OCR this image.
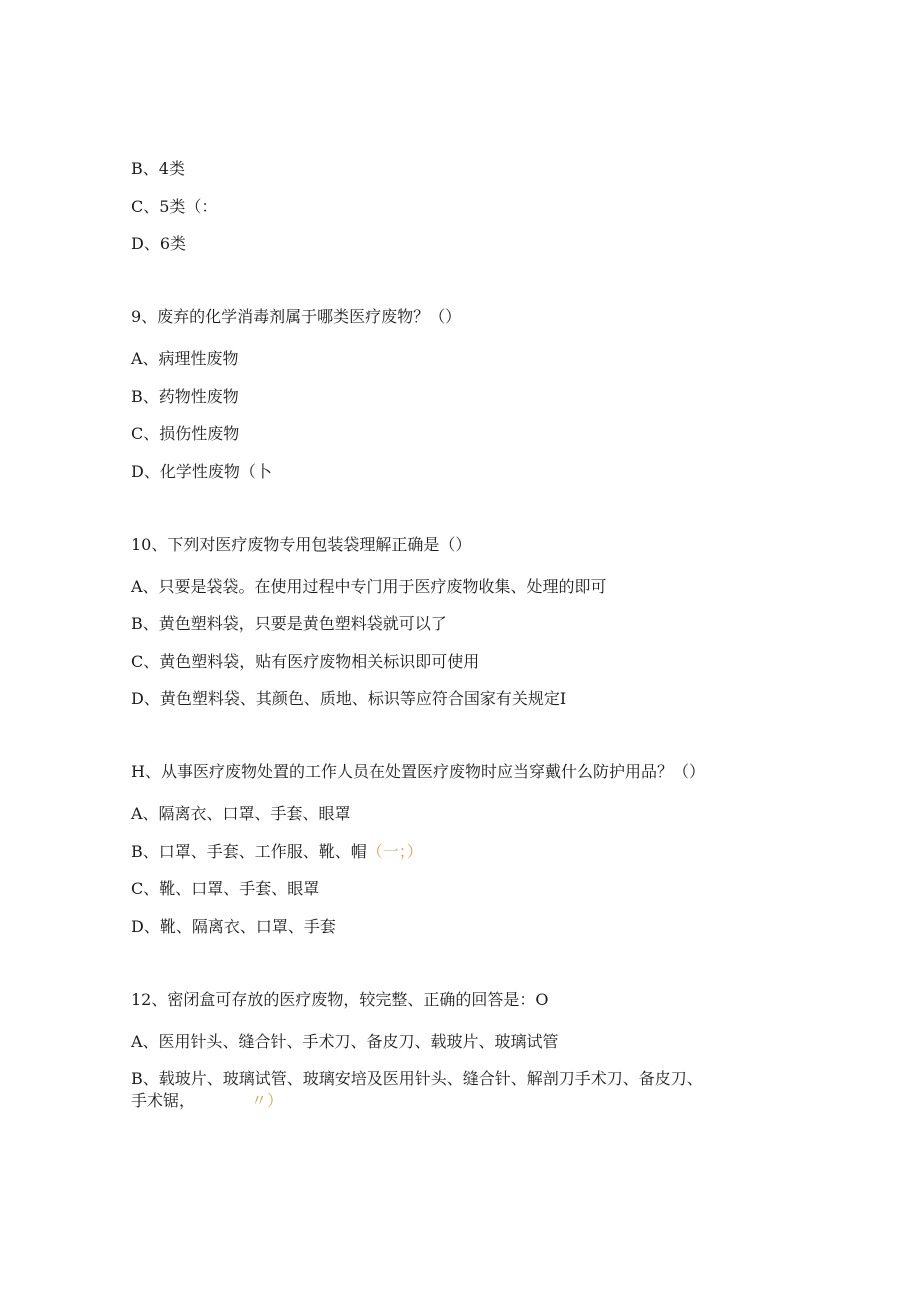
B、4类
C、5类（：
D、6类
9、废弃的化学消毒剂属于哪类医疗废物？（）
A、病理性废物
B、药物性废物
C、损伤性废物
D、化学性废物（卜
10、下列对医疗废物专用包装袋理解正确是（）
A、只要是袋袋。在使用过程中专门用于医疗废物收集、处理的即可
B、黄色塑料袋，只要是黄色塑料袋就可以了
C、黄色塑料袋，贴有医疗废物相关标识即可使用
D、黄色塑料袋、其颜色、质地、标识等应符合国家有关规定I
H、从事医疗废物处置的工作人员在处置医疗废物时应当穿戴什么防护用品？（）
A、隔离衣、口罩、手套、眼罩
B、口罩、手套、工作服、靴、帽（一；）
C、靴、口罩、手套、眼罩
D、靴、隔离衣、口罩、手套
12、密闭盒可存放的医疗废物，较完整、正确的回答是：O
A、医用针头、缝合针、手术刀、备皮刀、载玻片、玻璃试管
B、载玻片、玻璃试管、玻璃安培及医用针头、缝合针、解剖刀手术刀、备皮刀、
手术锯，	〃）
